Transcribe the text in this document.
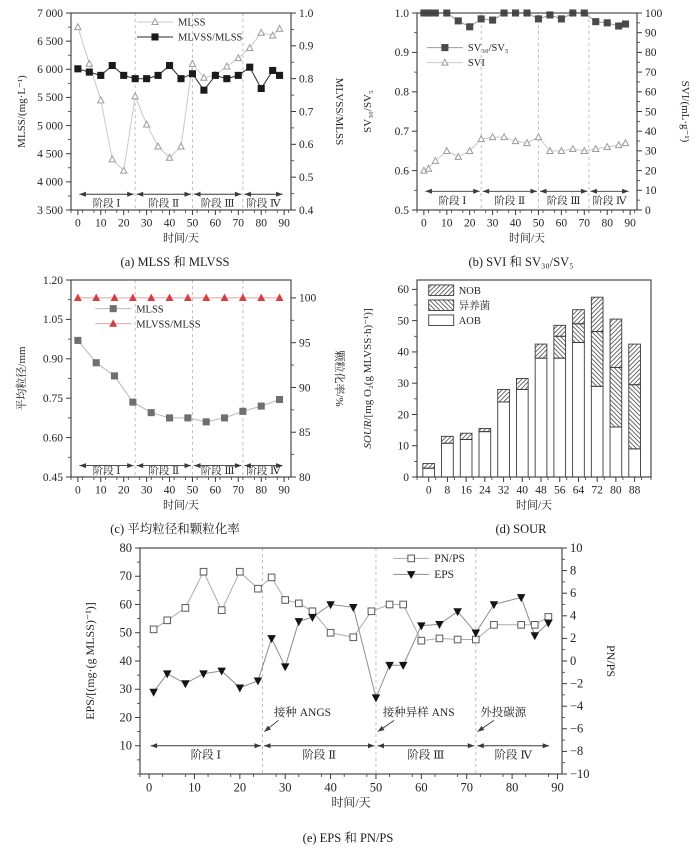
阶段 Ⅰ	阶段 Ⅱ 阶段 Ⅲ 阶段 Ⅳ
0 10 20 30 40 50 60 70 80 90
时间/天
3 500
4 000
4 500
5 000
5 500
6 000
6 500
7 000
MLSS/(mg·L⁻¹)
0.4
0.5
0.6
0.7
0.8
0.9
1.0
MLVSS/MLSS
MLSS
MLVSS/MLSS
(a) MLSS 和 MLVSS
阶段 Ⅰ	阶段 Ⅱ 阶段 Ⅲ 阶段 Ⅳ
0 10 20 30 40 50 60 70 80 90
时间/天
0.5
0.6
0.7
0.8
0.9
1.0
SV₃₀/SV₅
0
10
20
30
40
50
60
70
80
90
100
SVI/(mL·g⁻¹)
SV₃₀/SV₅
SVI
(b) SVI 和 SV₃₀/SV₅
阶段 Ⅰ	阶段 Ⅱ 阶段 Ⅲ 阶段 Ⅳ
0 10 20 30 40 50 60 70 80 90
时间/天
0.45
0.60
0.75
0.90
1.05
1.20
平均粒径/mm
80
85
90
95
100
颗粒化率/%
MLSS
MLVSS/MLSS
(c) 平均粒径和颗粒化率
0 8 16 24 32 40 48 56 64 72 80 88
时间/天
0
10
20
30
40
50
60
SOUR/[mg O₂(g MLVSS·h)⁻¹)]
NOB
异养菌
AOB
(d) SOUR
阶段 Ⅰ	阶段 Ⅱ	阶段 Ⅲ	阶段 Ⅳ
0	10	20	30	40	50	60	70	80	90
时间/天
10
20
30
40
50
60
70
80
EPS/[(mg·(g MLSS)⁻¹)]
−10
−8
−6
−4
−2
0
2
4
6
8
10
PN/PS
PN/PS
EPS
接种 ANGS	接种异样 ANS 外投碳源
(e) EPS 和 PN/PS
